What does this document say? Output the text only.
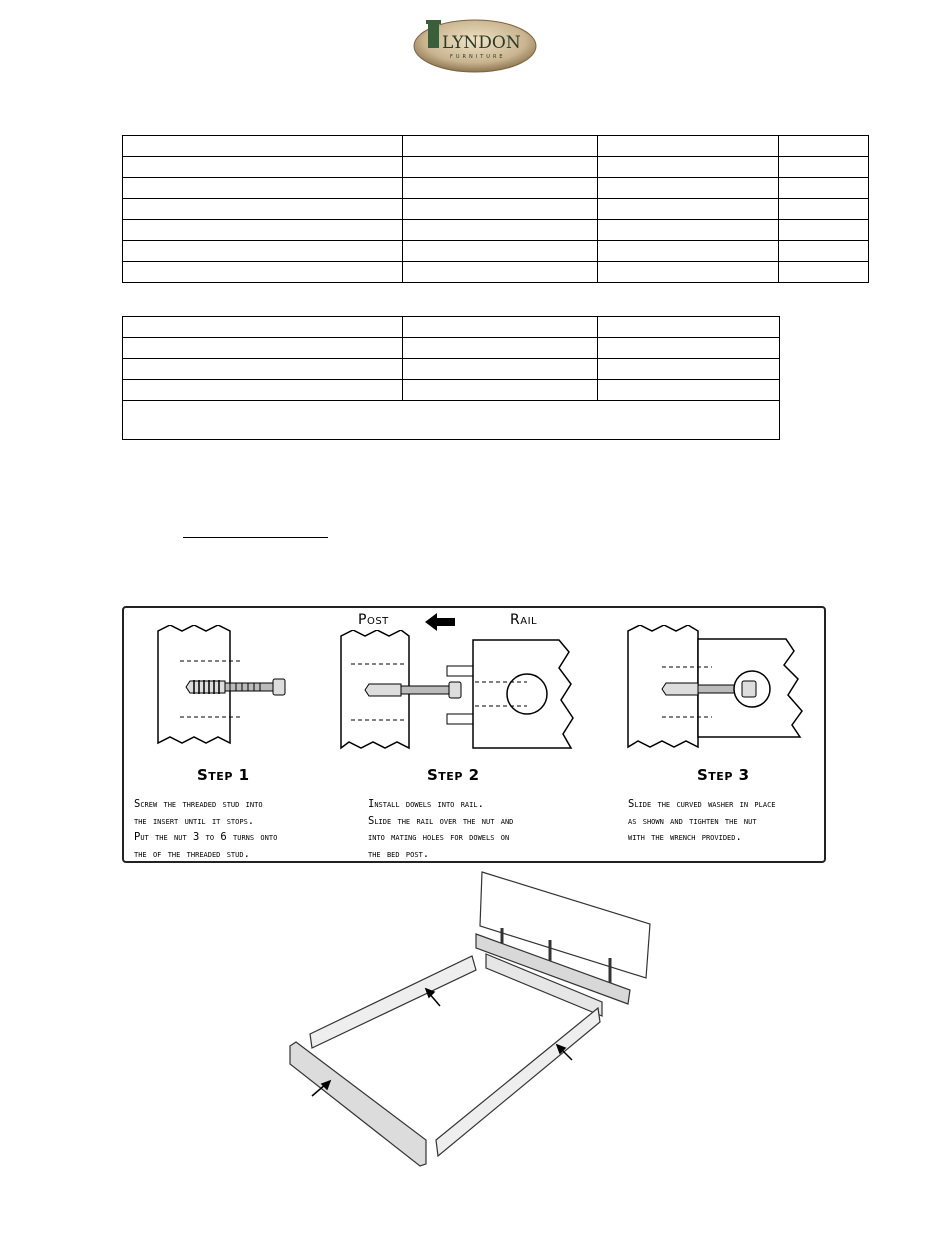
LYNDON
FURNITURE

Post	Rail
Step 1	Step 2	Step 3
Screw the threaded stud into
the insert until it stops.
Put the nut 3 to 6 turns onto
the of the threaded stud.
Install dowels into rail.
Slide the rail over the nut and
into mating holes for dowels on
the bed post.
Slide the curved washer in place
as shown and tighten the nut
with the wrench provided.
